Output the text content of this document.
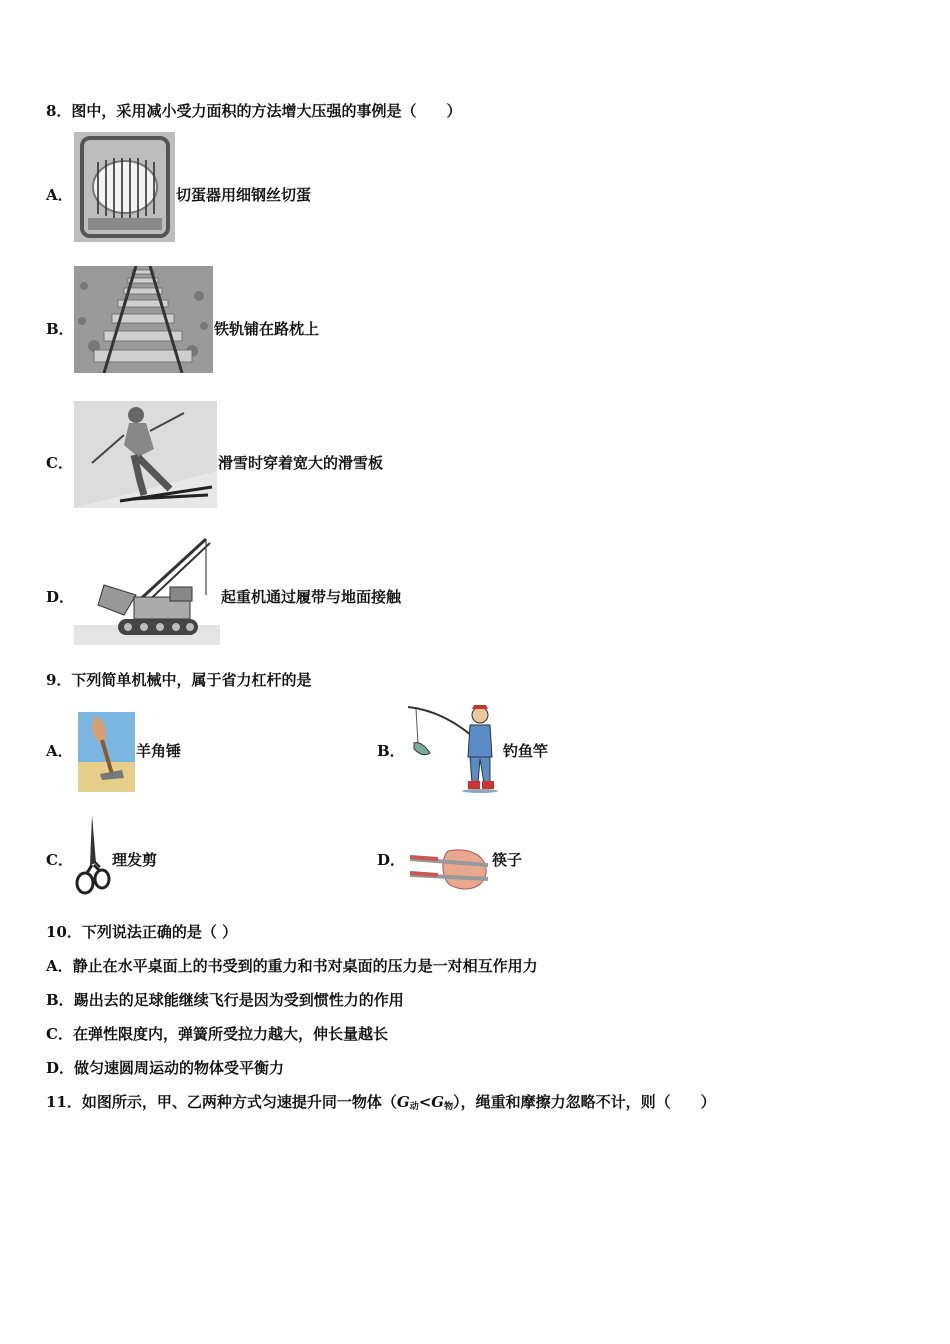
8．图中，采用减小受力面积的方法增大压强的事例是（　　）
A．	切蛋器用细钢丝切蛋
B．	铁轨铺在路枕上
C．	滑雪时穿着宽大的滑雪板
D．	起重机通过履带与地面接触
9．下列简单机械中，属于省力杠杆的是
A．	羊角锤	B．	钓鱼竿
C．	理发剪	D．	筷子
10．下列说法正确的是（ ）
A．静止在水平桌面上的书受到的重力和书对桌面的压力是一对相互作用力
B．踢出去的足球能继续飞行是因为受到惯性力的作用
C．在弹性限度内，弹簧所受拉力越大，伸长量越长
D．做匀速圆周运动的物体受平衡力
11．如图所示，甲、乙两种方式匀速提升同一物体$(G_动<G_物)$，绳重和摩擦力忽略不计，则（　　）
